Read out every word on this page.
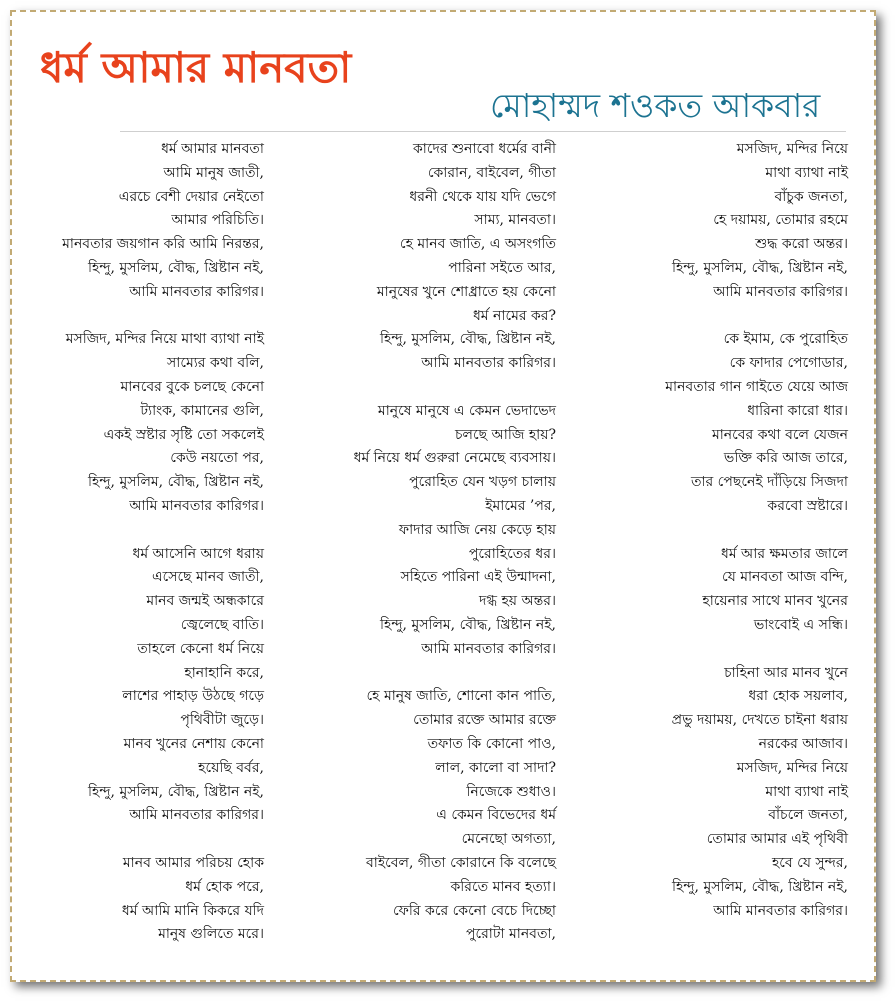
ধর্ম আমার মানবতা
মোহাম্মদ শওকত আকবার
ধর্ম আমার মানবতা
আমি মানুষ জাতী,
এরচে বেশী দেয়ার নেইতো
আমার পরিচিতি।
মানবতার জয়গান করি আমি নিরন্তর,
হিন্দু, মুসলিম, বৌদ্ধ, খ্রিষ্টান নই,
আমি মানবতার কারিগর।
মসজিদ, মন্দির নিয়ে মাথা ব্যাথা নাই
সাম্যের কথা বলি,
মানবের বুকে চলছে কেনো
ট্যাংক, কামানের গুলি,
একই স্রষ্টার সৃষ্টি তো সকলেই
কেউ নয়তো পর,
হিন্দু, মুসলিম, বৌদ্ধ, খ্রিষ্টান নই,
আমি মানবতার কারিগর।
ধর্ম আসেনি আগে ধরায়
এসেছে মানব জাতী,
মানব জন্মই অন্ধকারে
জ্বেলেছে বাতি।
তাহলে কেনো ধর্ম নিয়ে
হানাহানি করে,
লাশের পাহাড় উঠছে গড়ে
পৃথিবীটা জুড়ে।
মানব খুনের নেশায় কেনো
হয়েছি বর্বর,
হিন্দু, মুসলিম, বৌদ্ধ, খ্রিষ্টান নই,
আমি মানবতার কারিগর।
মানব আমার পরিচয় হোক
ধর্ম হোক পরে,
ধর্ম আমি মানি কিকরে যদি
মানুষ গুলিতে মরে।
কাদের শুনাবো ধর্মের বানী
কোরান, বাইবেল, গীতা
ধরনী থেকে যায় যদি ভেগে
সাম্য, মানবতা।
হে মানব জাতি, এ অসংগতি
পারিনা সইতে আর,
মানুষের খুনে শোধ্রাতে হয় কেনো
ধর্ম নামের কর?
হিন্দু, মুসলিম, বৌদ্ধ, খ্রিষ্টান নই,
আমি মানবতার কারিগর।
মানুষে মানুষে এ কেমন ভেদাভেদ
চলছে আজি হায়?
ধর্ম নিয়ে ধর্ম গুরুরা নেমেছে ব্যবসায়।
পুরোহিত যেন খড়গ চালায়
ইমামের ’পর,
ফাদার আজি নেয় কেড়ে হায়
পুরোহিতের ধর।
সহিতে পারিনা এই উন্মাদনা,
দগ্ধ হয় অন্তর।
হিন্দু, মুসলিম, বৌদ্ধ, খ্রিষ্টান নই,
আমি মানবতার কারিগর।
হে মানুষ জাতি, শোনো কান পাতি,
তোমার রক্তে আমার রক্তে
তফাত কি কোনো পাও,
লাল, কালো বা সাদা?
নিজেকে শুধাও।
এ কেমন বিভেদের ধর্ম
মেনেছো অগত্যা,
বাইবেল, গীতা কোরানে কি বলেছে
করিতে মানব হত্যা।
ফেরি করে কেনো বেচে দিচ্ছো
পুরোটা মানবতা,
মসজিদ, মন্দির নিয়ে
মাথা ব্যাথা নাই
বাঁচুক জনতা,
হে দয়াময়, তোমার রহমে
শুদ্ধ করো অন্তর।
হিন্দু, মুসলিম, বৌদ্ধ, খ্রিষ্টান নই,
আমি মানবতার কারিগর।
কে ইমাম, কে পুরোহিত
কে ফাদার পেগোডার,
মানবতার গান গাইতে যেয়ে আজ
ধারিনা কারো ধার।
মানবের কথা বলে যেজন
ভক্তি করি আজ তারে,
তার পেছনেই দাঁড়িয়ে সিজদা
করবো স্রষ্টারে।
ধর্ম আর ক্ষমতার জালে
যে মানবতা আজ বন্দি,
হায়েনার সাথে মানব খুনের
ভাংবোই এ সন্ধি।
চাহিনা আর মানব খুনে
ধরা হোক সয়লাব,
প্রভু দয়াময়, দেখতে চাইনা ধরায়
নরকের আজাব।
মসজিদ, মন্দির নিয়ে
মাথা ব্যাথা নাই
বাঁচলে জনতা,
তোমার আমার এই পৃথিবী
হবে যে সুন্দর,
হিন্দু, মুসলিম, বৌদ্ধ, খ্রিষ্টান নই,
আমি মানবতার কারিগর।
